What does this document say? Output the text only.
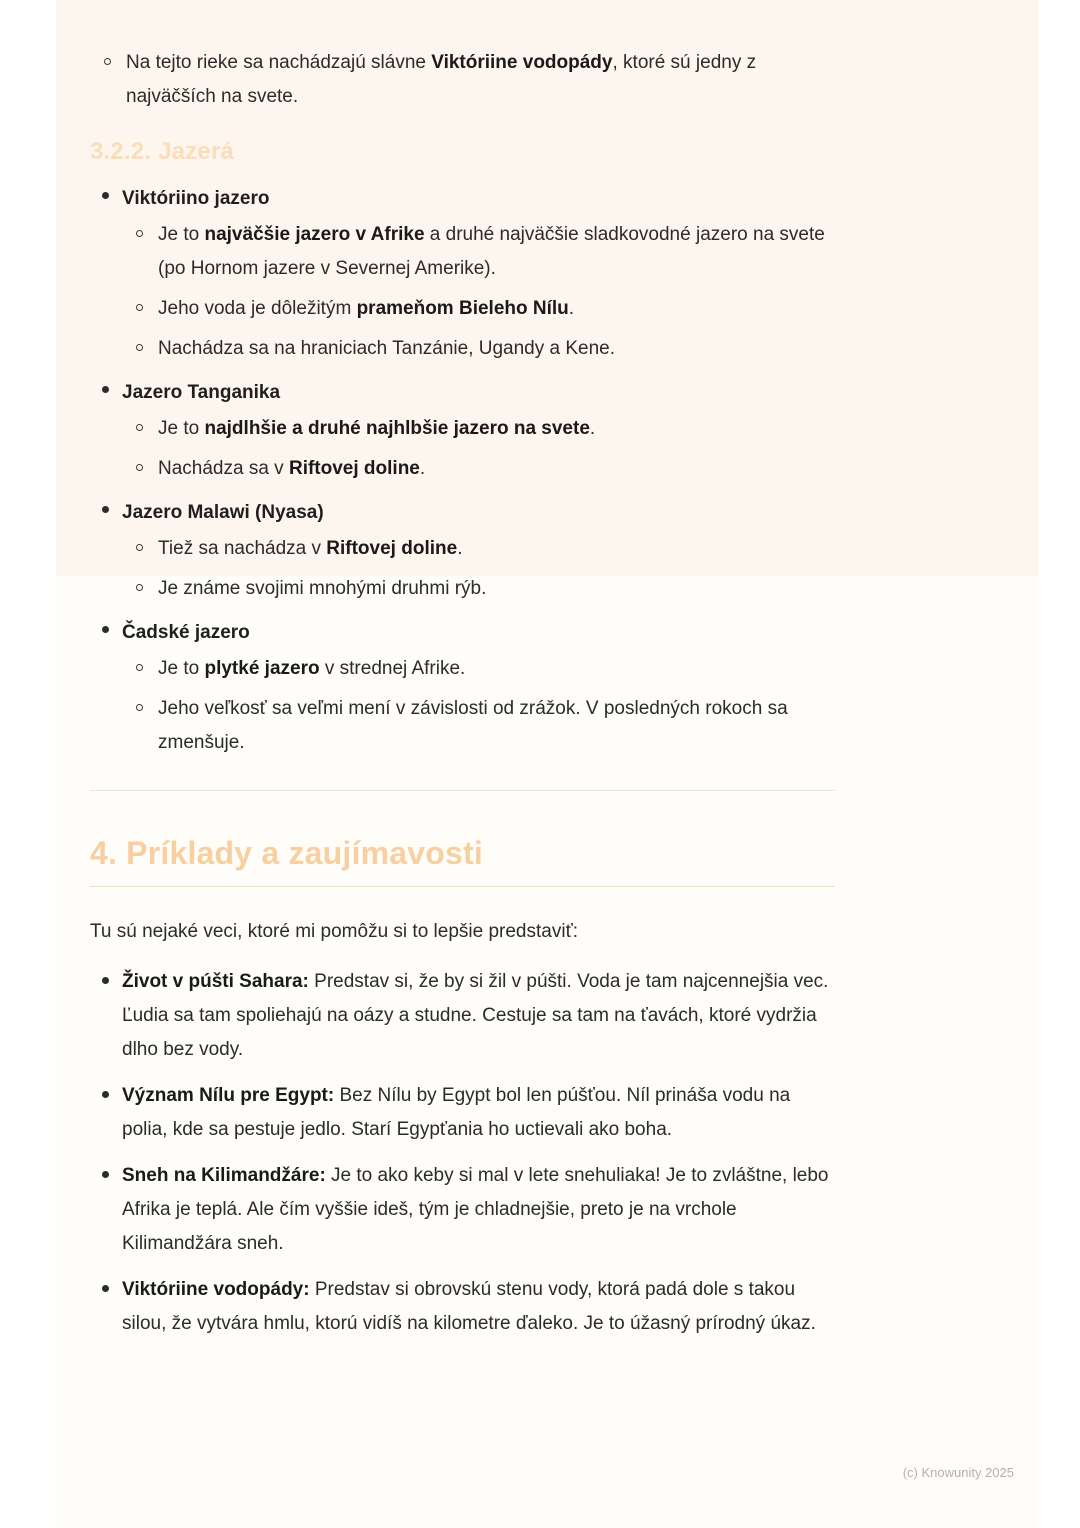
Na tejto rieke sa nachádzajú slávne Viktóriine vodopády, ktoré sú jedny z najväčších na svete.
3.2.2. Jazerá
Viktóriino jazero
Je to najväčšie jazero v Afrike a druhé najväčšie sladkovodné jazero na svete (po Hornom jazere v Severnej Amerike).
Jeho voda je dôležitým prameňom Bieleho Nílu.
Nachádza sa na hraniciach Tanzánie, Ugandy a Kene.
Jazero Tanganika
Je to najdlhšie a druhé najhlbšie jazero na svete.
Nachádza sa v Riftovej doline.
Jazero Malawi (Nyasa)
Tiež sa nachádza v Riftovej doline.
Je známe svojimi mnohými druhmi rýb.
Čadské jazero
Je to plytké jazero v strednej Afrike.
Jeho veľkosť sa veľmi mení v závislosti od zrážok. V posledných rokoch sa zmenšuje.
4. Príklady a zaujímavosti

Tu sú nejaké veci, ktoré mi pomôžu si to lepšie predstaviť:

Život v púšti Sahara: Predstav si, že by si žil v púšti. Voda je tam najcennejšia vec. Ľudia sa tam spoliehajú na oázy a studne. Cestuje sa tam na ťavách, ktoré vydržia dlho bez vody.
Význam Nílu pre Egypt: Bez Nílu by Egypt bol len púšťou. Níl prináša vodu na polia, kde sa pestuje jedlo. Starí Egypťania ho uctievali ako boha.
Sneh na Kilimandžáre: Je to ako keby si mal v lete snehuliaka! Je to zvláštne, lebo Afrika je teplá. Ale čím vyššie ideš, tým je chladnejšie, preto je na vrchole Kilimandžára sneh.
Viktóriine vodopády: Predstav si obrovskú stenu vody, ktorá padá dole s takou silou, že vytvára hmlu, ktorú vidíš na kilometre ďaleko. Je to úžasný prírodný úkaz.
(c) Knowunity 2025
